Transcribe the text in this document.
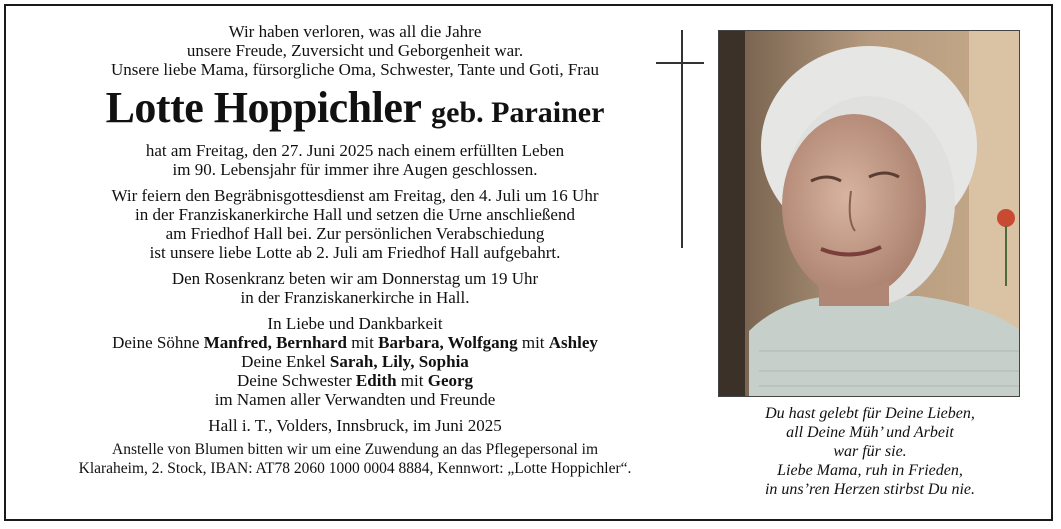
Wir haben verloren, was all die Jahre
unsere Freude, Zuversicht und Geborgenheit war.
Unsere liebe Mama, fürsorgliche Oma, Schwester, Tante und Goti, Frau
Lotte Hoppichler geb. Parainer
hat am Freitag, den 27. Juni 2025 nach einem erfüllten Leben
im 90. Lebensjahr für immer ihre Augen geschlossen.
Wir feiern den Begräbnisgottesdienst am Freitag, den 4. Juli um 16 Uhr
in der Franziskanerkirche Hall und setzen die Urne anschließend
am Friedhof Hall bei. Zur persönlichen Verabschiedung
ist unsere liebe Lotte ab 2. Juli am Friedhof Hall aufgebahrt.
Den Rosenkranz beten wir am Donnerstag um 19 Uhr
in der Franziskanerkirche in Hall.
In Liebe und Dankbarkeit
Deine Söhne Manfred, Bernhard mit Barbara, Wolfgang mit Ashley
Deine Enkel Sarah, Lily, Sophia
Deine Schwester Edith mit Georg
im Namen aller Verwandten und Freunde
Hall i. T., Volders, Innsbruck, im Juni 2025
Anstelle von Blumen bitten wir um eine Zuwendung an das Pflegepersonal im
Klaraheim, 2. Stock, IBAN: AT78 2060 1000 0004 8884, Kennwort: „Lotte Hoppichler“.
Du hast gelebt für Deine Lieben,
all Deine Müh’ und Arbeit
war für sie.
Liebe Mama, ruh in Frieden,
in uns’ren Herzen stirbst Du nie.
